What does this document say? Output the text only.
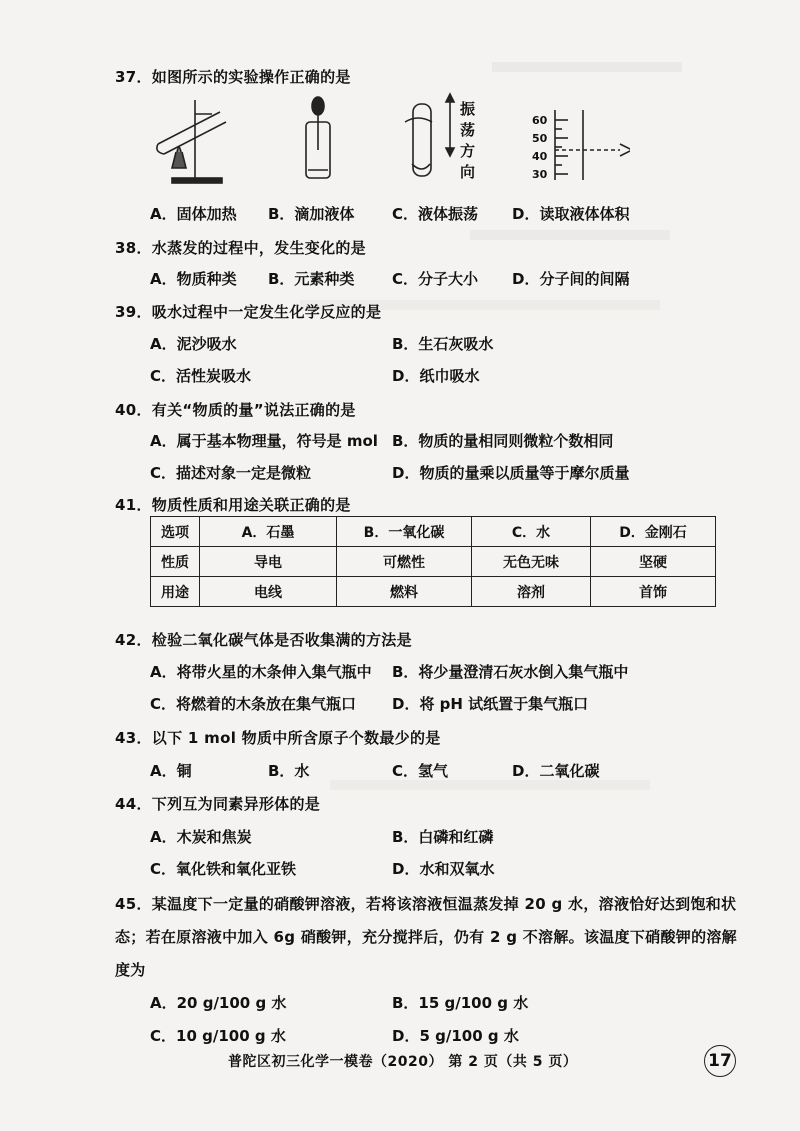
37．如图所示的实验操作正确的是
振
荡
方
向
60
50
40
30
A．固体加热 B．滴加液体	C．液体振荡 D．读取液体体积
38．水蒸发的过程中，发生变化的是
A．物质种类 B．元素种类	C．分子大小 D．分子间的间隔
39．吸水过程中一定发生化学反应的是
A．泥沙吸水	B．生石灰吸水
C．活性炭吸水	D．纸巾吸水
40．有关“物质的量”说法正确的是
A．属于基本物理量，符号是 mol B．物质的量相同则微粒个数相同
C．描述对象一定是微粒	D．物质的量乘以质量等于摩尔质量
41．物质性质和用途关联正确的是
选项	A．石墨	B．一氧化碳	C．水	D．金刚石
性质	导电	可燃性	无色无味	坚硬
用途	电线	燃料	溶剂	首饰
42．检验二氧化碳气体是否收集满的方法是
A．将带火星的木条伸入集气瓶中 B．将少量澄清石灰水倒入集气瓶中
C．将燃着的木条放在集气瓶口 D．将 pH 试纸置于集气瓶口
43．以下 1 mol 物质中所含原子个数最少的是
A．铜	B．水	C．氢气	D．二氧化碳
44．下列互为同素异形体的是
A．木炭和焦炭	B．白磷和红磷
C．氧化铁和氧化亚铁	D．水和双氧水
45．某温度下一定量的硝酸钾溶液，若将该溶液恒温蒸发掉 20 g 水，溶液恰好达到饱和状
态；若在原溶液中加入 6g 硝酸钾，充分搅拌后，仍有 2 g 不溶解。该温度下硝酸钾的溶解
度为
A．20 g/100 g 水	B．15 g/100 g 水
C．10 g/100 g 水	D．5 g/100 g 水
普陀区初三化学一模卷（2020） 第 2 页（共 5 页）	17
